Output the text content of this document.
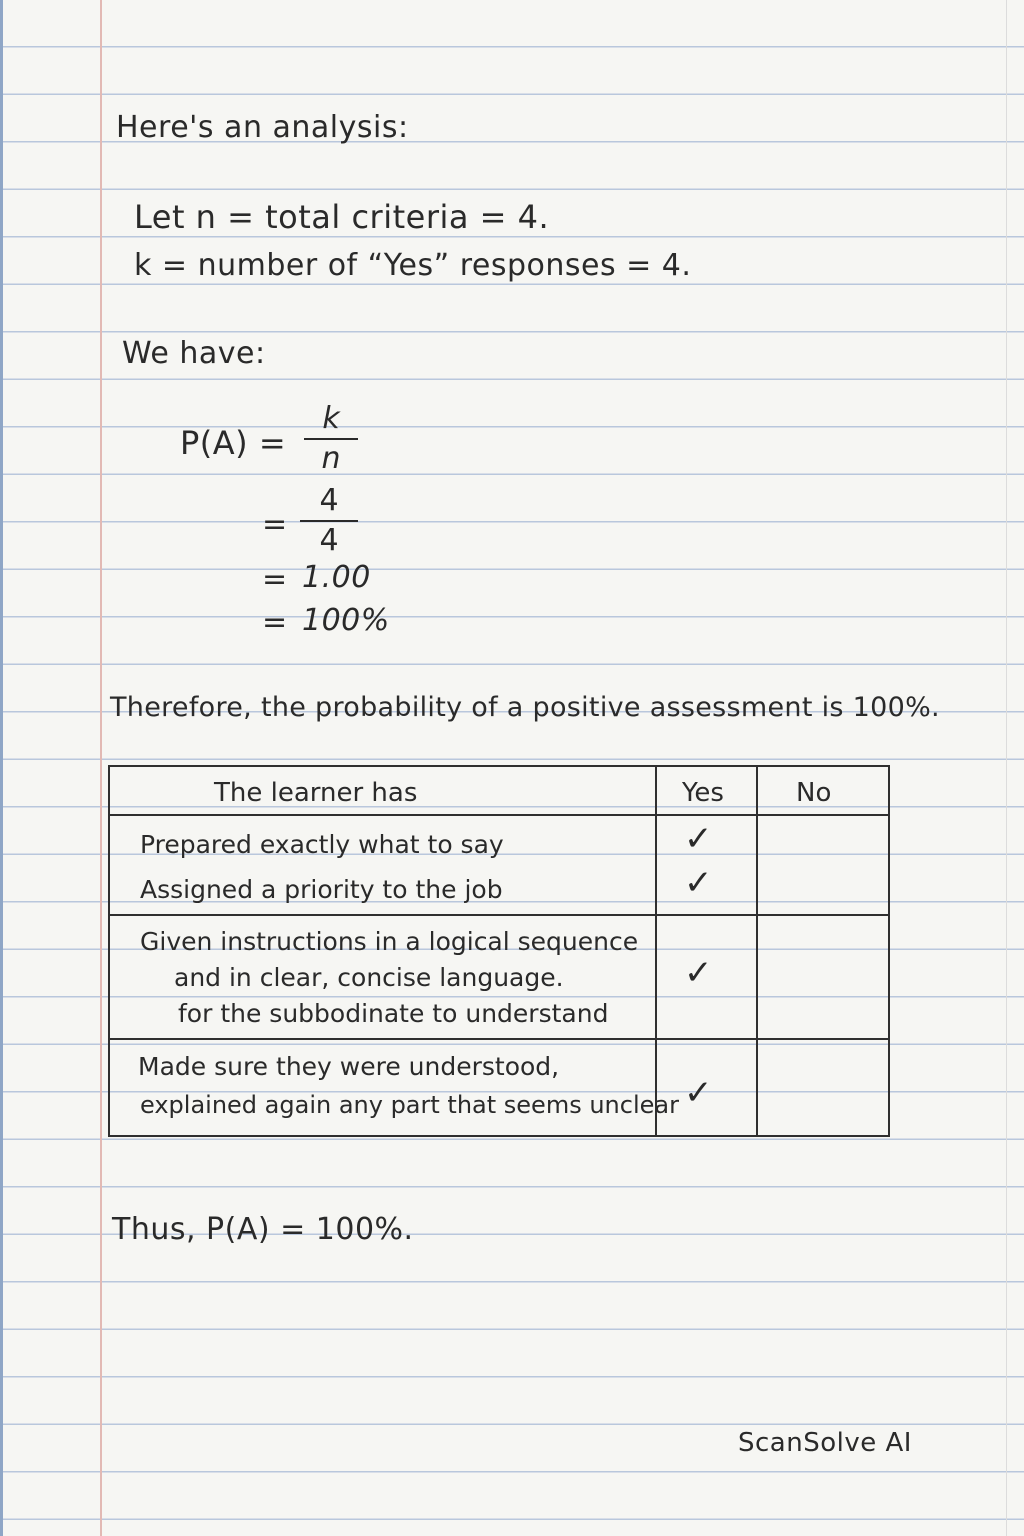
Here's an analysis:
Let n = total criteria = 4.
k = number of “Yes” responses = 4.
We have:
P(A) =
k
n
=
4
4
= 1.00
= 100%
Therefore, the probability of a positive assessment is 100%.
The learner has	Yes	No
Prepared exactly what to say
Assigned a priority to the job
✓
✓
Given instructions in a logical sequence
and in clear, concise language.
for the subbodinate to understand
✓
Made sure they were understood,
explained again any part that seems unclear ✓
Thus, P(A) = 100%.
ScanSolve AI
